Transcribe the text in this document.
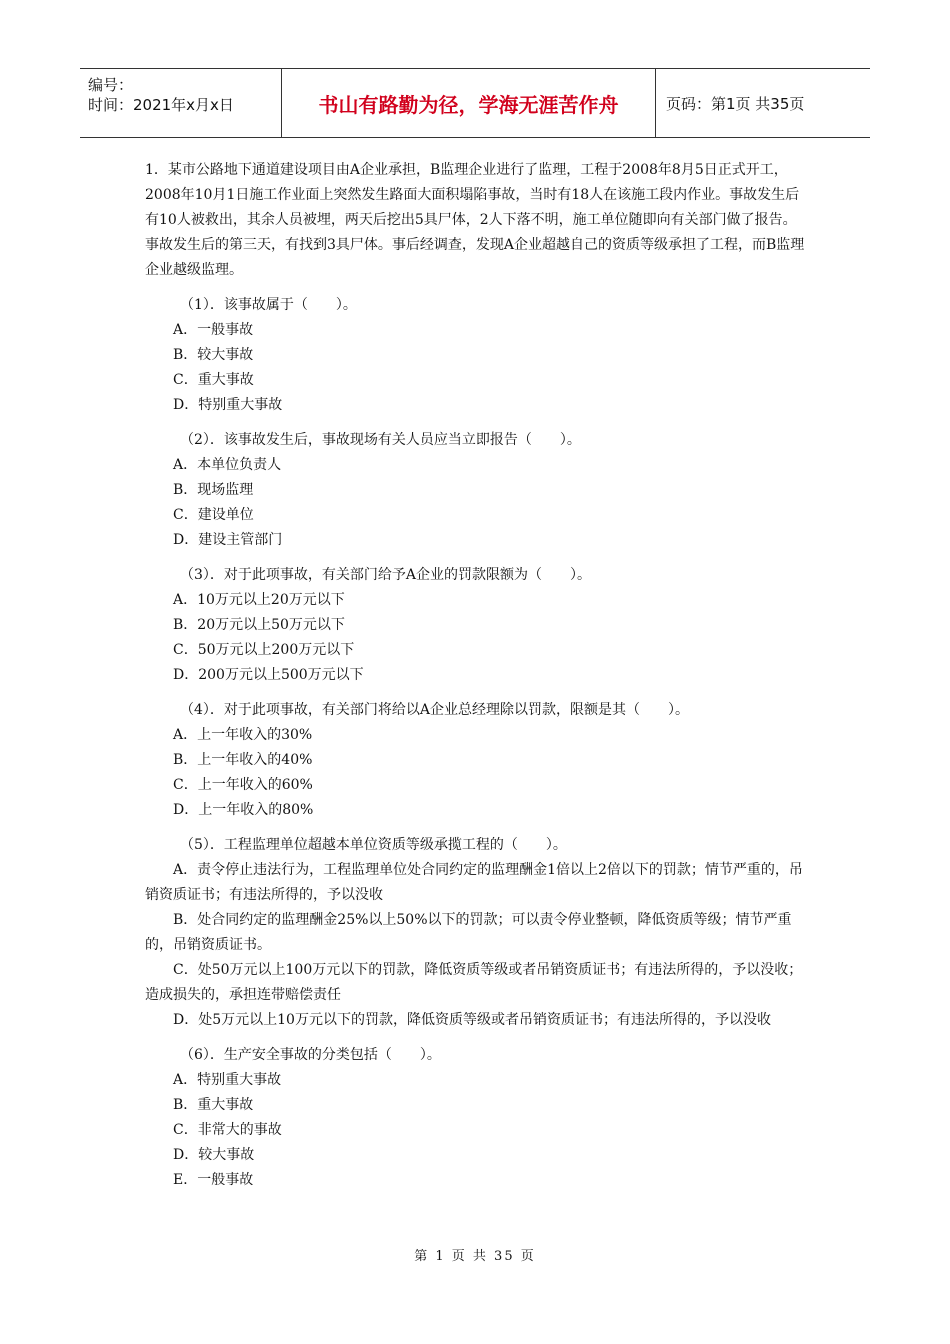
编号：
时间：2021年x月x日	书山有路勤为径，学海无涯苦作舟	页码：第1页 共35页

1．某市公路地下通道建设项目由A企业承担，B监理企业进行了监理，工程于2008年8月5日正式开工，2008年10月1日施工作业面上突然发生路面大面积塌陷事故，当时有18人在该施工段内作业。事故发生后有10人被救出，其余人员被埋，两天后挖出5具尸体，2人下落不明，施工单位随即向有关部门做了报告。事故发生后的第三天，有找到3具尸体。事后经调查，发现A企业超越自己的资质等级承担了工程，而B监理企业越级监理。

（1）．该事故属于（　　）。
A．一般事故
B．较大事故
C．重大事故
D．特别重大事故
（2）．该事故发生后，事故现场有关人员应当立即报告（　　）。
A．本单位负责人
B．现场监理
C．建设单位
D．建设主管部门
（3）．对于此项事故，有关部门给予A企业的罚款限额为（　　）。
A．10万元以上20万元以下
B．20万元以上50万元以下
C．50万元以上200万元以下
D．200万元以上500万元以下
（4）．对于此项事故，有关部门将给以A企业总经理除以罚款，限额是其（　　）。
A．上一年收入的30%
B．上一年收入的40%
C．上一年收入的60%
D．上一年收入的80%
（5）．工程监理单位超越本单位资质等级承揽工程的（　　）。
A．责令停止违法行为，工程监理单位处合同约定的监理酬金1倍以上2倍以下的罚款；情节严重的，吊销资质证书；有违法所得的，予以没收
B．处合同约定的监理酬金25%以上50%以下的罚款；可以责令停业整顿，降低资质等级；情节严重的，吊销资质证书。
C．处50万元以上100万元以下的罚款，降低资质等级或者吊销资质证书；有违法所得的，予以没收；造成损失的，承担连带赔偿责任
D．处5万元以上10万元以下的罚款，降低资质等级或者吊销资质证书；有违法所得的，予以没收
（6）．生产安全事故的分类包括（　　）。
A．特别重大事故
B．重大事故
C．非常大的事故
D．较大事故
E．一般事故
第 1 页 共 35 页
